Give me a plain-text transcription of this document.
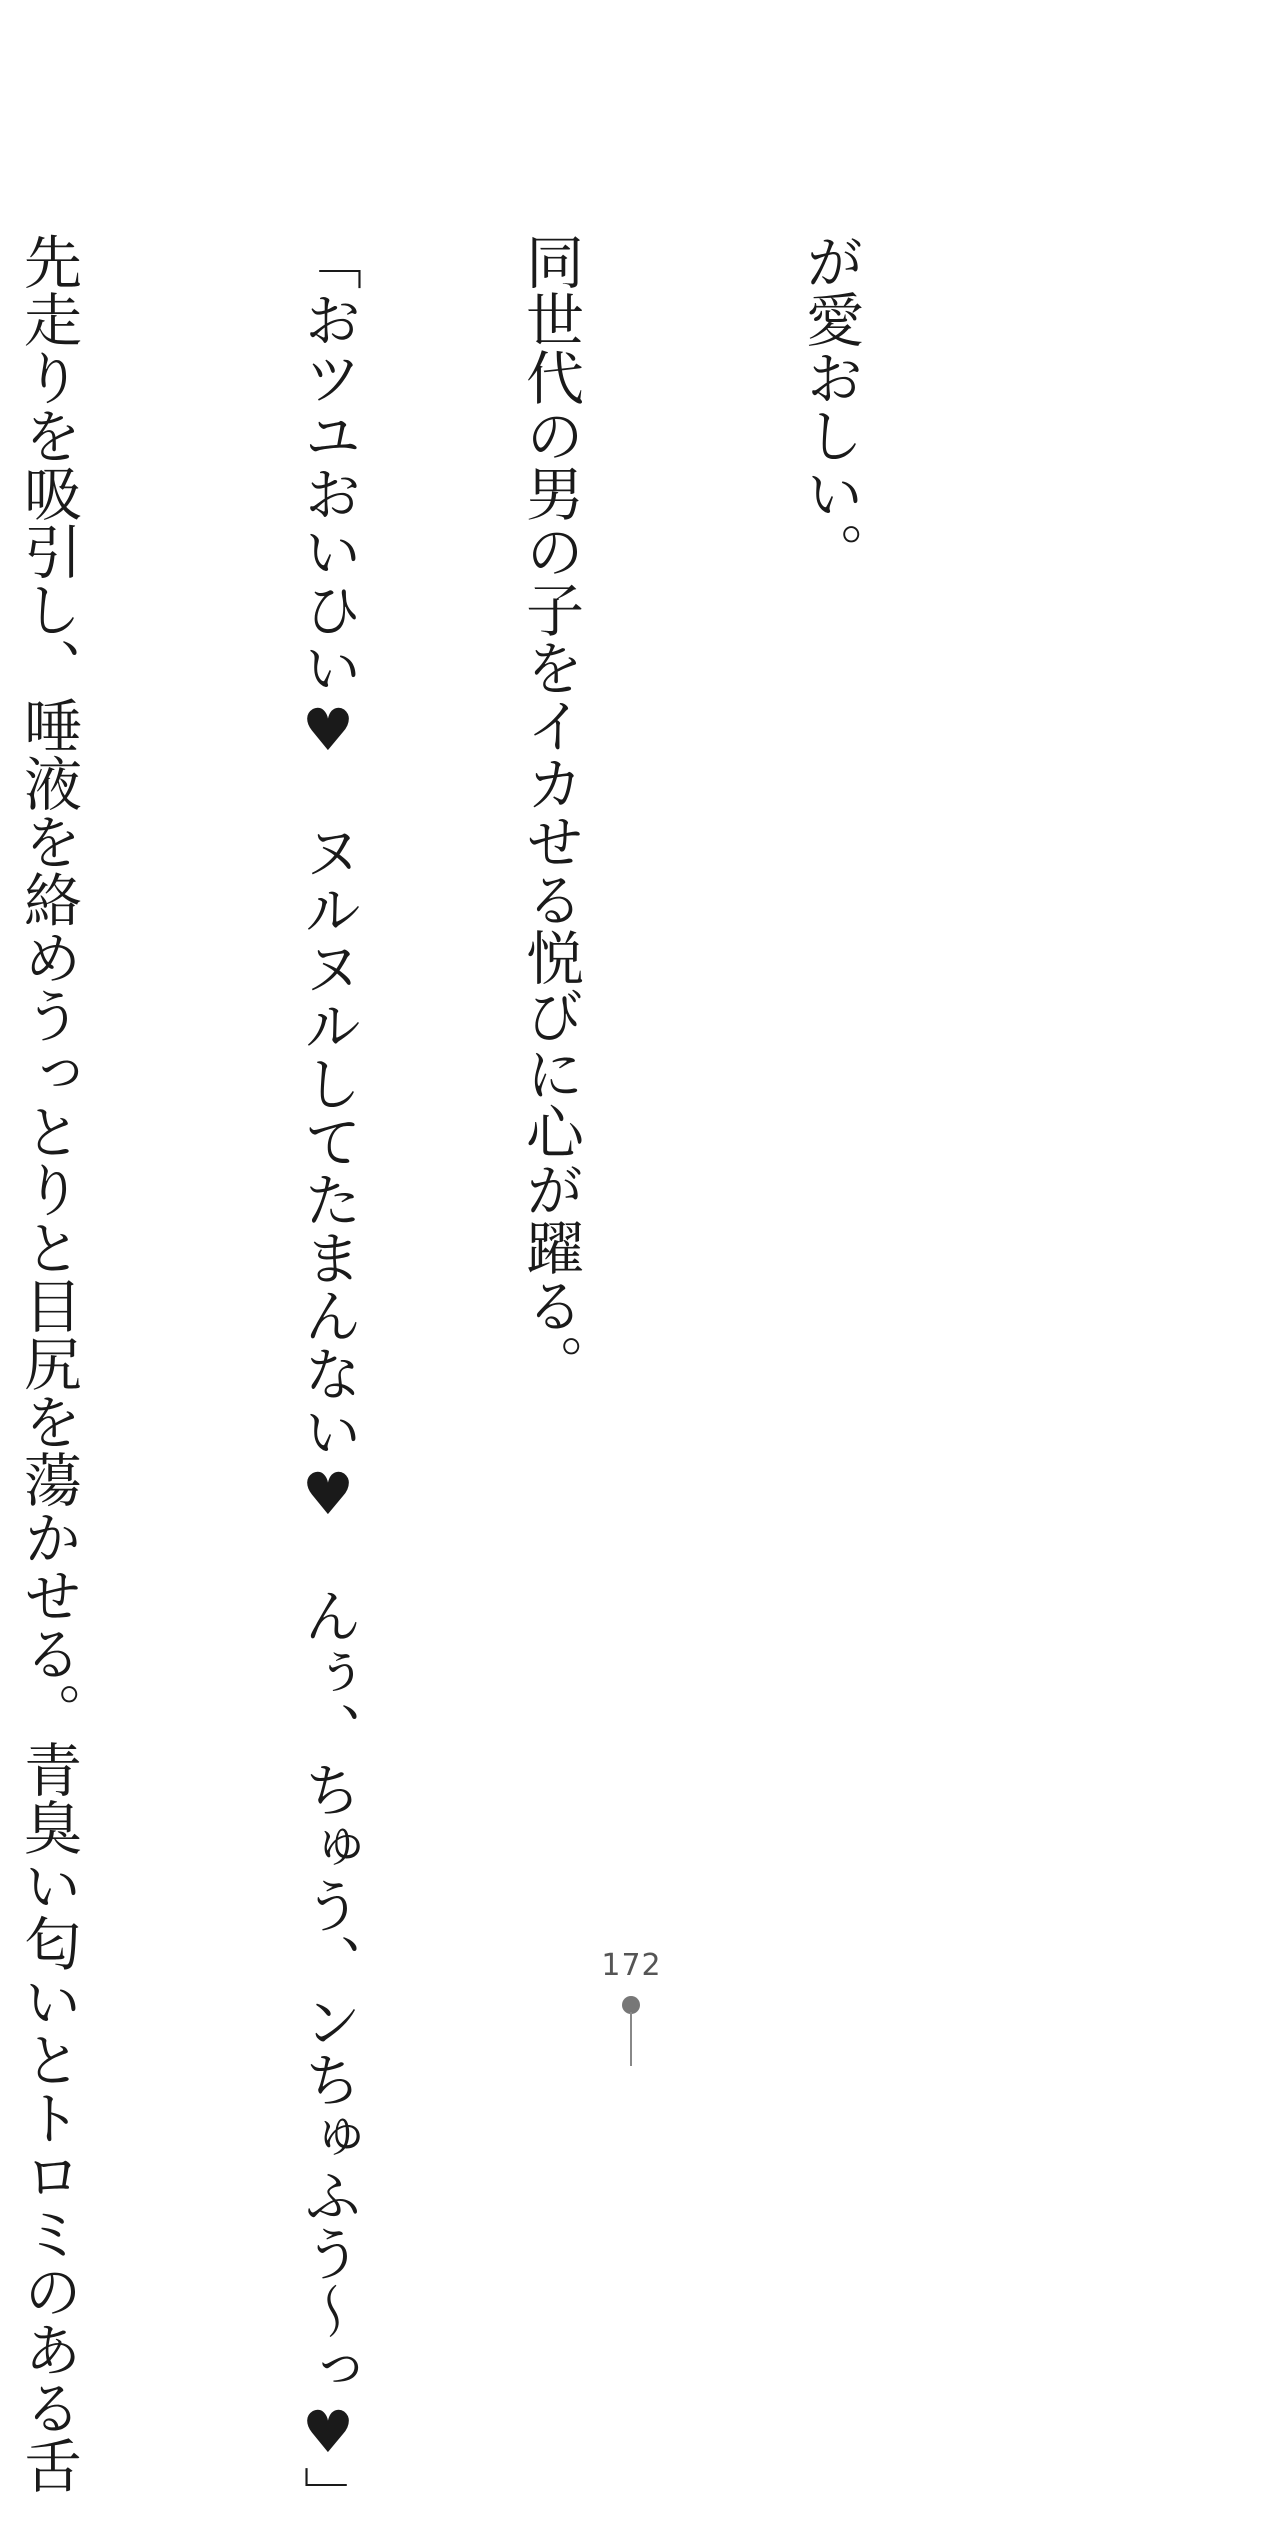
が愛おしい。

同世代の男の子をイカせる悦びに心が躍る。

「おツユおいひい♥　ヌルヌルしてたまんない♥　んぅ、ちゅう、ンちゅふう～っ♥」

先走りを吸引し、唾液を絡めうっとりと目尻を蕩かせる。青臭い匂いとトロミのある舌

	172
